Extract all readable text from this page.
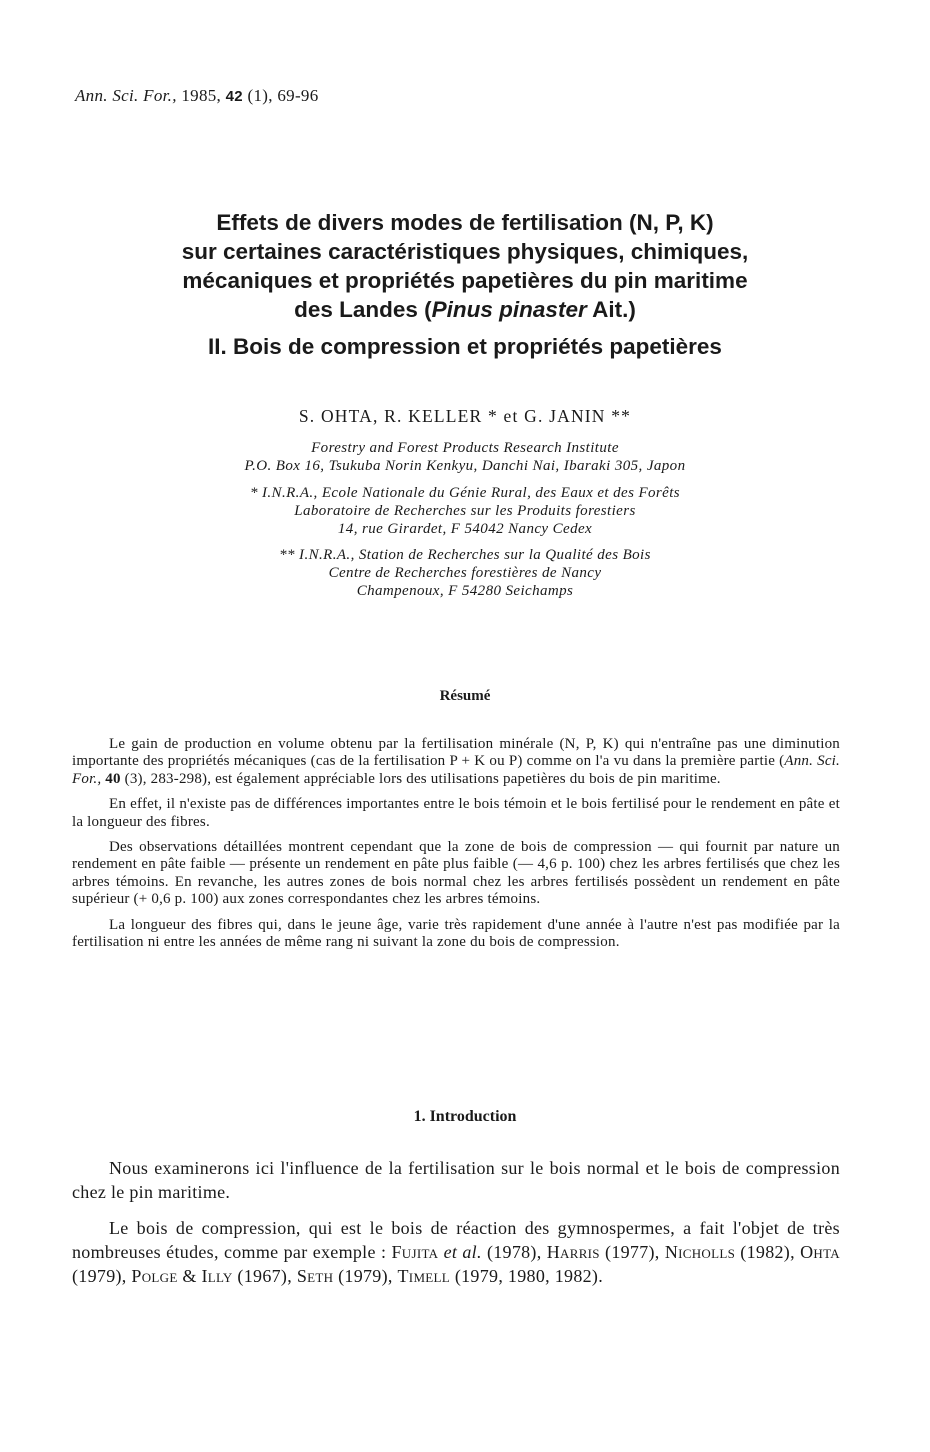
Ann. Sci. For., 1985, 42 (1), 69-96
Effets de divers modes de fertilisation (N, P, K)
sur certaines caractéristiques physiques, chimiques,
mécaniques et propriétés papetières du pin maritime
des Landes (Pinus pinaster Ait.)
II. Bois de compression et propriétés papetières
S. OHTA, R. KELLER * et G. JANIN **
Forestry and Forest Products Research Institute
P.O. Box 16, Tsukuba Norin Kenkyu, Danchi Nai, Ibaraki 305, Japon
* I.N.R.A., Ecole Nationale du Génie Rural, des Eaux et des Forêts
Laboratoire de Recherches sur les Produits forestiers
14, rue Girardet, F 54042 Nancy Cedex
** I.N.R.A., Station de Recherches sur la Qualité des Bois
Centre de Recherches forestières de Nancy
Champenoux, F 54280 Seichamps
Résumé

Le gain de production en volume obtenu par la fertilisation minérale (N, P, K) qui n'entraîne pas une diminution importante des propriétés mécaniques (cas de la fertilisation P + K ou P) comme on l'a vu dans la première partie (Ann. Sci. For., 40 (3), 283-298), est également appréciable lors des utilisations papetières du bois de pin maritime.

En effet, il n'existe pas de différences importantes entre le bois témoin et le bois fertilisé pour le rendement en pâte et la longueur des fibres.

Des observations détaillées montrent cependant que la zone de bois de compression — qui fournit par nature un rendement en pâte faible — présente un rendement en pâte plus faible (— 4,6 p. 100) chez les arbres fertilisés que chez les arbres témoins. En revanche, les autres zones de bois normal chez les arbres fertilisés possèdent un rendement en pâte supérieur (+ 0,6 p. 100) aux zones correspondantes chez les arbres témoins.

La longueur des fibres qui, dans le jeune âge, varie très rapidement d'une année à l'autre n'est pas modifiée par la fertilisation ni entre les années de même rang ni suivant la zone du bois de compression.

1. Introduction

Nous examinerons ici l'influence de la fertilisation sur le bois normal et le bois de compression chez le pin maritime.

Le bois de compression, qui est le bois de réaction des gymnospermes, a fait l'objet de très nombreuses études, comme par exemple : Fujita et al. (1978), Harris (1977), Nicholls (1982), Ohta (1979), Polge & Illy (1967), Seth (1979), Timell (1979, 1980, 1982).
